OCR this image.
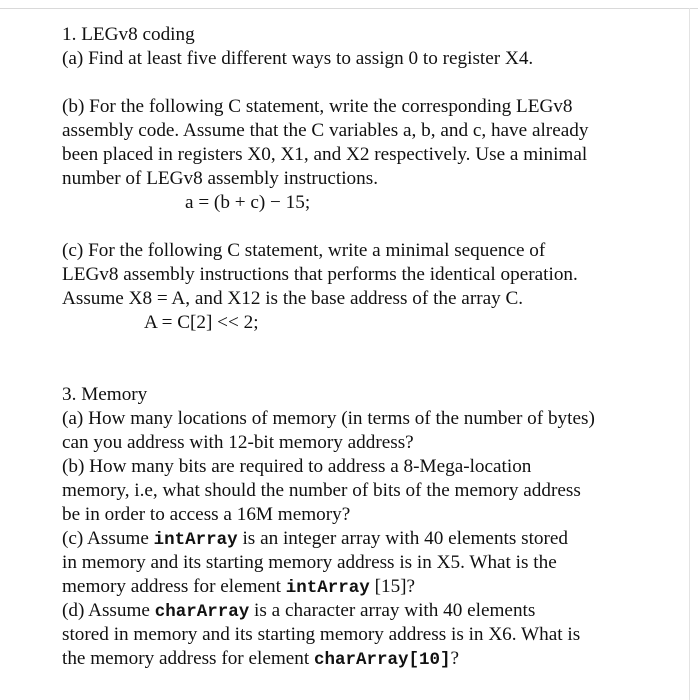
1. LEGv8 coding
(a) Find at least five different ways to assign 0 to register X4.
(b) For the following C statement, write the corresponding LEGv8
assembly code. Assume that the C variables a, b, and c, have already
been placed in registers X0, X1, and X2 respectively. Use a minimal
number of LEGv8 assembly instructions.
a = (b + c) − 15;
(c) For the following C statement, write a minimal sequence of
LEGv8 assembly instructions that performs the identical operation.
Assume X8 = A, and X12 is the base address of the array C.
A = C[2] << 2;
3. Memory
(a) How many locations of memory (in terms of the number of bytes)
can you address with 12-bit memory address?
(b) How many bits are required to address a 8-Mega-location
memory, i.e, what should the number of bits of the memory address
be in order to access a 16M memory?
(c) Assume intArray is an integer array with 40 elements stored
in memory and its starting memory address is in X5. What is the
memory address for element intArray [15]?
(d) Assume charArray is a character array with 40 elements
stored in memory and its starting memory address is in X6. What is
the memory address for element charArray[10]?
